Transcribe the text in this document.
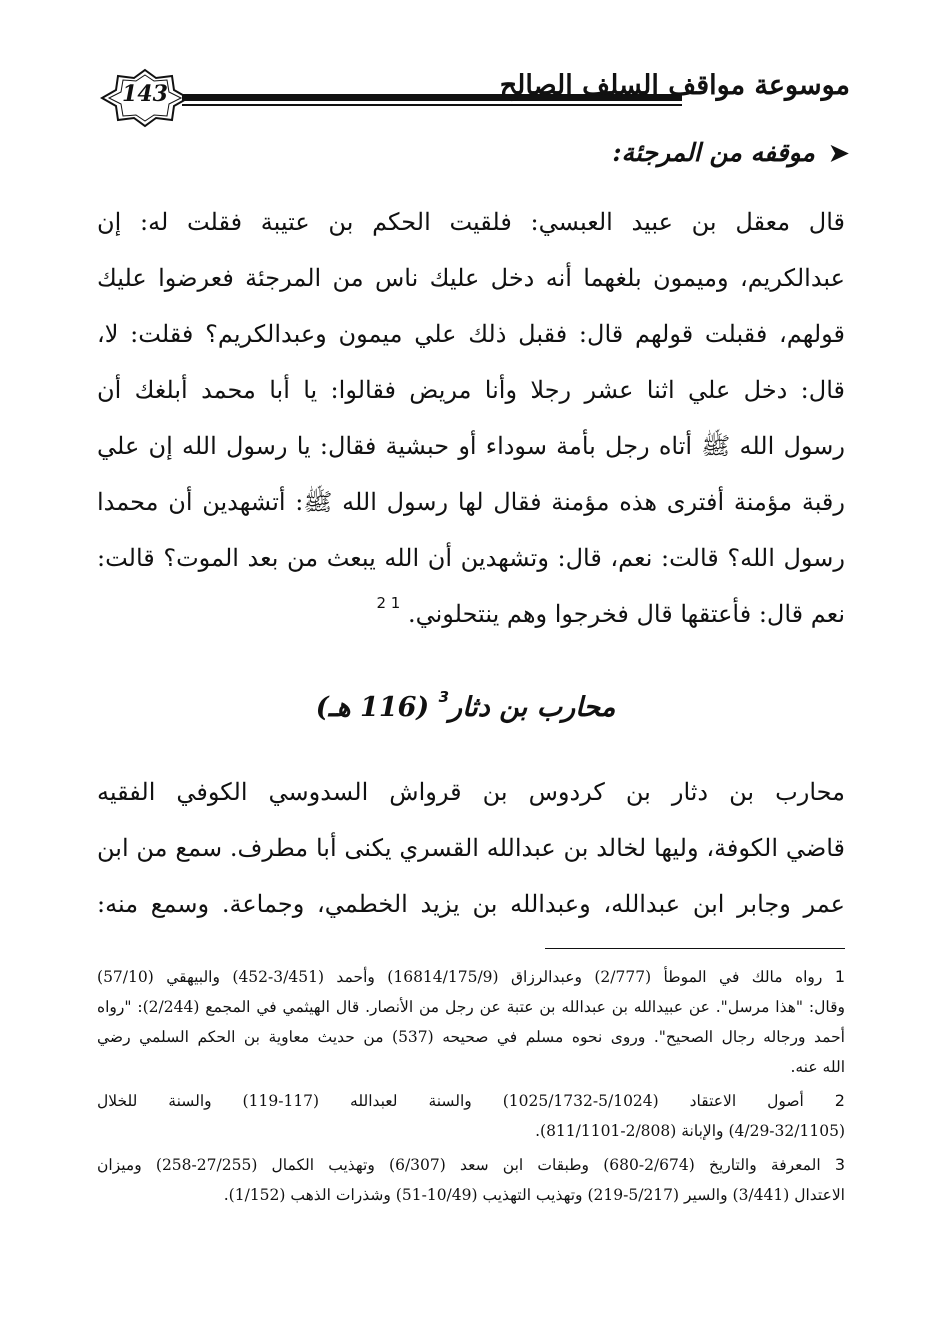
143	موسوعة مواقف السلف الصالح
➤موقفه من المرجئة:
قال معقل بن عبيد العبسي: فلقيت الحكم بن عتيبة فقلت له: إن
عبدالكريم، وميمون بلغهما أنه دخل عليك ناس من المرجئة فعرضوا عليك
قولهم، فقبلت قولهم قال: فقبل ذلك علي ميمون وعبدالكريم؟ فقلت: لا،
قال: دخل علي اثنا عشر رجلا وأنا مريض فقالوا: يا أبا محمد أبلغك أن
رسول الله ﷺ أتاه رجل بأمة سوداء أو حبشية فقال: يا رسول الله إن علي
رقبة مؤمنة أفترى هذه مؤمنة فقال لها رسول الله ﷺ: أتشهدين أن محمدا
رسول الله؟ قالت: نعم، قال: وتشهدين أن الله يبعث من بعد الموت؟ قالت:
نعم قال: فأعتقها قال فخرجوا وهم ينتحلوني. $^{1 2}$
محارب بن دثار$^3$ (116 هـ)
محارب بن دثار بن كردوس بن قرواش السدوسي الكوفي الفقيه
قاضي الكوفة، وليها لخالد بن عبدالله القسري يكنى أبا مطرف. سمع من ابن
عمر وجابر ابن عبدالله، وعبدالله بن يزيد الخطمي، وجماعة. وسمع منه:
1 رواه مالك في الموطأ (2/777) وعبدالرزاق (16814/175/9) وأحمد (3/451-452) والبيهقي (57/10)
وقال: "هذا مرسل". عن عبيدالله بن عبدالله بن عتبة عن رجل من الأنصار. قال الهيثمي في المجمع (2/244): "رواه
أحمد ورجاله رجال الصحيح". وروى نحوه مسلم في صحيحه (537) من حديث معاوية بن الحكم السلمي رضي
الله عنه.
2 أصول الاعتقاد (5/1024-1025/1732) والسنة لعبدالله (117-119) والسنة للخلال
(4/29-32/1105) والإبانة (2/808-811/1101).
3 المعرفة والتاريخ (2/674-680) وطبقات ابن سعد (6/307) وتهذيب الكمال (27/255-258) وميزان
الاعتدال (3/441) والسير (5/217-219) وتهذيب التهذيب (10/49-51) وشذرات الذهب (1/152).
